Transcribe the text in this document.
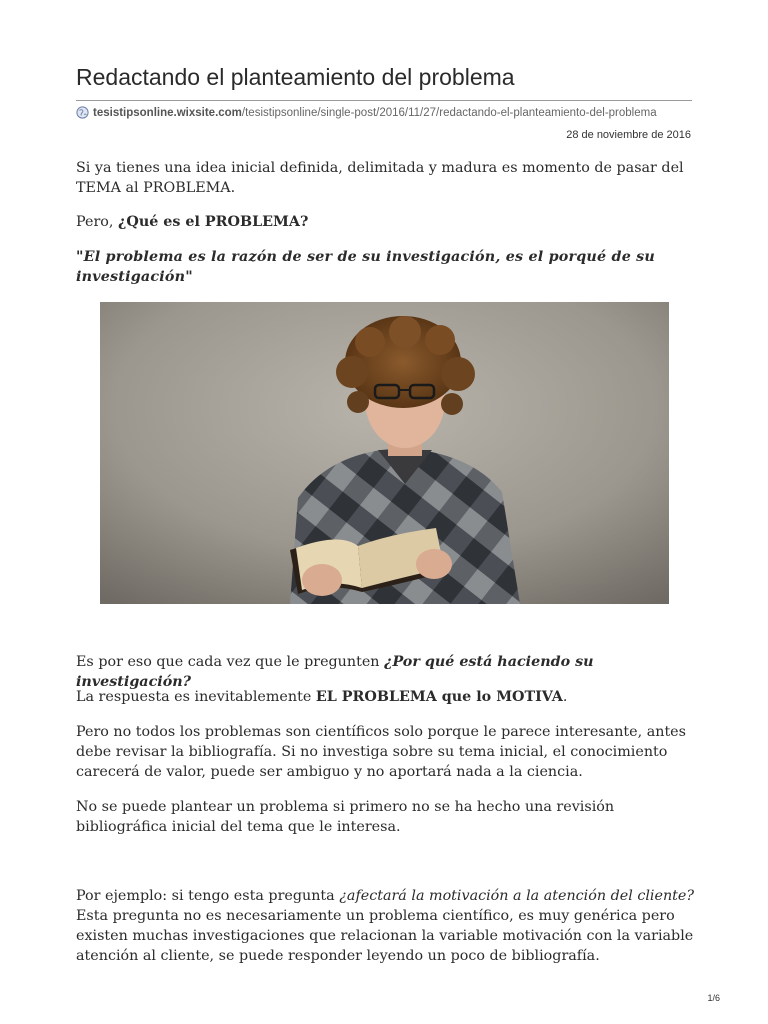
Redactando el planteamiento del problema
tesistipsonline.wixsite.com/tesistipsonline/single-post/2016/11/27/redactando-el-planteamiento-del-problema
28 de noviembre de 2016

Si ya tienes una idea inicial definida, delimitada y madura es momento de pasar del TEMA al PROBLEMA.

Pero, ¿Qué es el PROBLEMA?

"El problema es la razón de ser de su investigación, es el porqué de su investigación"

Es por eso que cada vez que le pregunten ¿Por qué está haciendo su investigación?

La respuesta es inevitablemente EL PROBLEMA que lo MOTIVA.

Pero no todos los problemas son científicos solo porque le parece interesante, antes debe revisar la bibliografía. Si no investiga sobre su tema inicial, el conocimiento carecerá de valor, puede ser ambiguo y no aportará nada a la ciencia.

No se puede plantear un problema si primero no se ha hecho una revisión bibliográfica inicial del tema que le interesa.

Por ejemplo: si tengo esta pregunta ¿afectará la motivación a la atención del cliente?
Esta pregunta no es necesariamente un problema científico, es muy genérica pero existen muchas investigaciones que relacionan la variable motivación con la variable atención al cliente, se puede responder leyendo un poco de bibliografía.

1/6
